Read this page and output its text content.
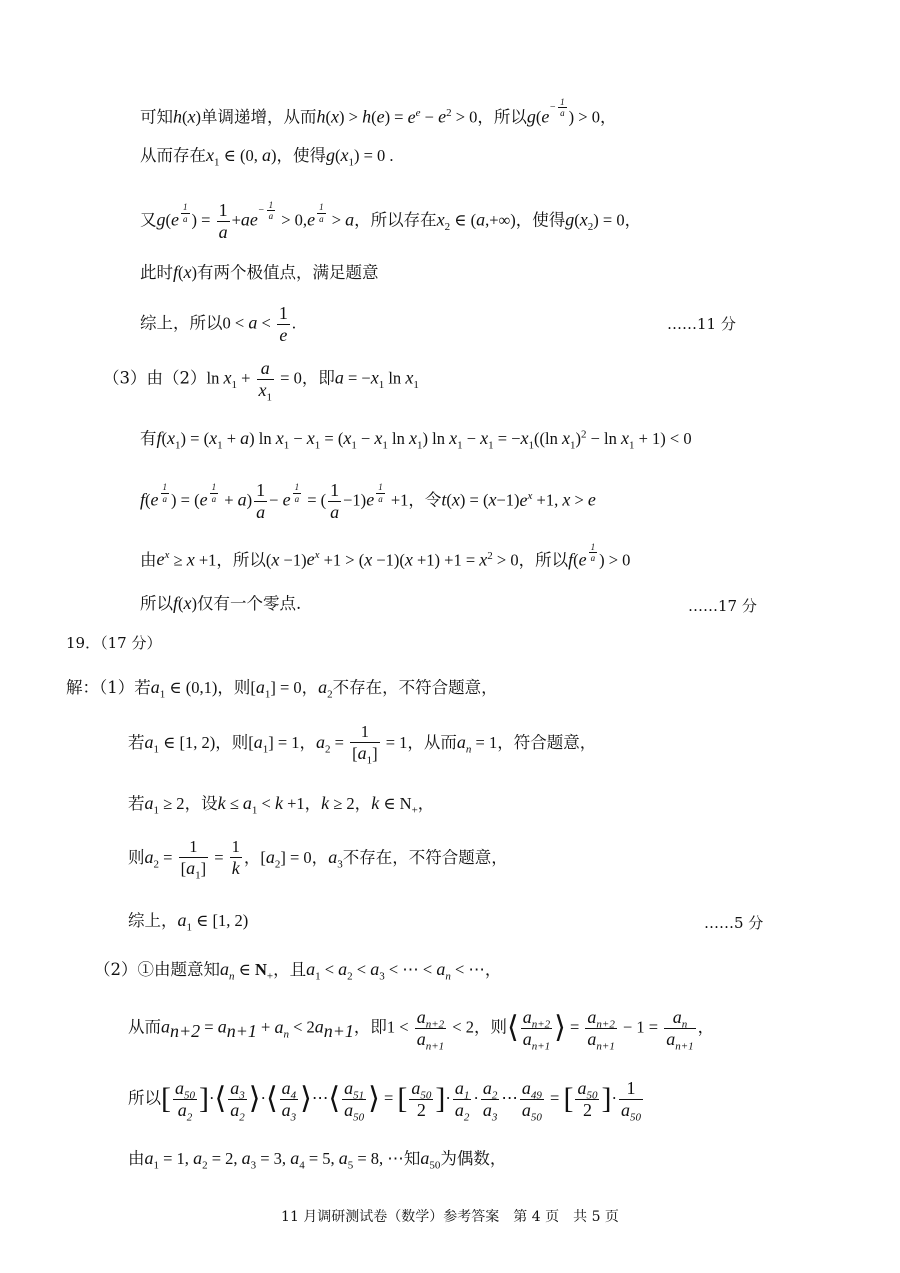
可知h(x)单调递增，从而$h(x) > h(e) = e^e - e^2 > 0$，所以$g(e^{- \frac{1}{a}}$ ) > 0，
从而存在$x_1$ ∈ (0, a)，使得$g(x_1) = 0$ .
又g(e $^{\frac{1}{a}}$ ) = $\frac{1}{a} +ae^{- \frac{1}{a}} > 0,e$ $^{\frac{1}{a}}$ > a，所以存在$x_2$ ∈ (a,+∞)，使得$g(x_2) = 0$，
此时f(x)有两个极值点，满足题意
综上，所以$0 < a < \frac{1}{e}$ .	……11 分
（3）由（2）ln $x_1 + \frac{a}{x_1} = 0$，即$a = -x_1$ $\ln x_1$
有$f(x_1) = (x_1 + a)$ $\ln x_1 - x_1 = (x_1 - x_1$ $\ln x_1$) $\ln x_1 - x_1 = -x_1((\ln$ $x_1)^2 - \ln x_1 + 1) < 0$
f(e $^{\frac{1}{a}}$ ) = (e $^{\frac{1}{a}} + a) \frac{1}{a} - e$ $^{\frac{1}{a}}$ = ( $\frac{1}{a} -1)e$ $^{\frac{1}{a}}$ +1，令$t(x) = (x-1)e^x +1$, x > e
由$e^x \ge x +1$，所以$(x -1)e^x +1 > (x -1)(x +1) +1 = x^2 > 0$，所以f(e $^{\frac{1}{a}}$ ) > 0
所以f(x)仅有一个零点.	……17 分
19．（17 分）
解：（1）若$a_1$ ∈ (0,1)，则$[a_1] = 0$，$a_2$不存在，不符合题意，
若$a_1$ ∈ [1, 2)，则$[a_1] = 1$，$a_2 = \frac{1}{[a_1]} = 1$，从而$a_n = 1$，符合题意，
若$a_1 \ge 2$，设$k \le a_1 < k +1$，k ≥ 2，k ∈ $N_+$，
则$a_2 = \frac{1}{[a_1]} = \frac{1}{k}$ ，$[a_2] = 0$，$a_3$不存在，不符合题意，
综上，$a_1$ ∈ [1, 2)	……5 分
（2）①由题意知$a_n$ ∈ $N_+$，且$a_1 < a_2 < a_3$ < ⋯ < $a_n$ < ⋯，
从而$a_{n+2} = a_{n+1} + a_n < 2a_{n+1}$，即$1 < \frac{a_{n+2}}{a_{n+1}} < 2$，则⟨ $\frac{a_{n+2}}{a_{n+1}}$ ⟩ = $\frac{a_{n+2}}{a_{n+1}} - 1 = \frac{a_n}{a_{n+1}}$ ，
所以[ $\frac{a_{50}}{a_2}$ ]·⟨ $\frac{a_3}{a_2}$ ⟩·⟨ $\frac{a_4}{a_3}$ ⟩⋯⟨ $\frac{a_{51}}{a_{50}}$ ⟩ = [ $\frac{a_{50}}{2}$ ]· $\frac{a_1}{a_2} \cdot \frac{a_2}{a_3}$ ⋯ $\frac{a_{49}}{a_{50}}$ = [ $\frac{a_{50}}{2}$ ]· $\frac{1}{a_{50}}$
由$a_1 = 1$, $a_2 = 2$, $a_3 = 3$, $a_4 = 5$, $a_5 = 8$, ⋯知$a_{50}$为偶数，
11 月调研测试卷（数学）参考答案　第 4 页　共 5 页
